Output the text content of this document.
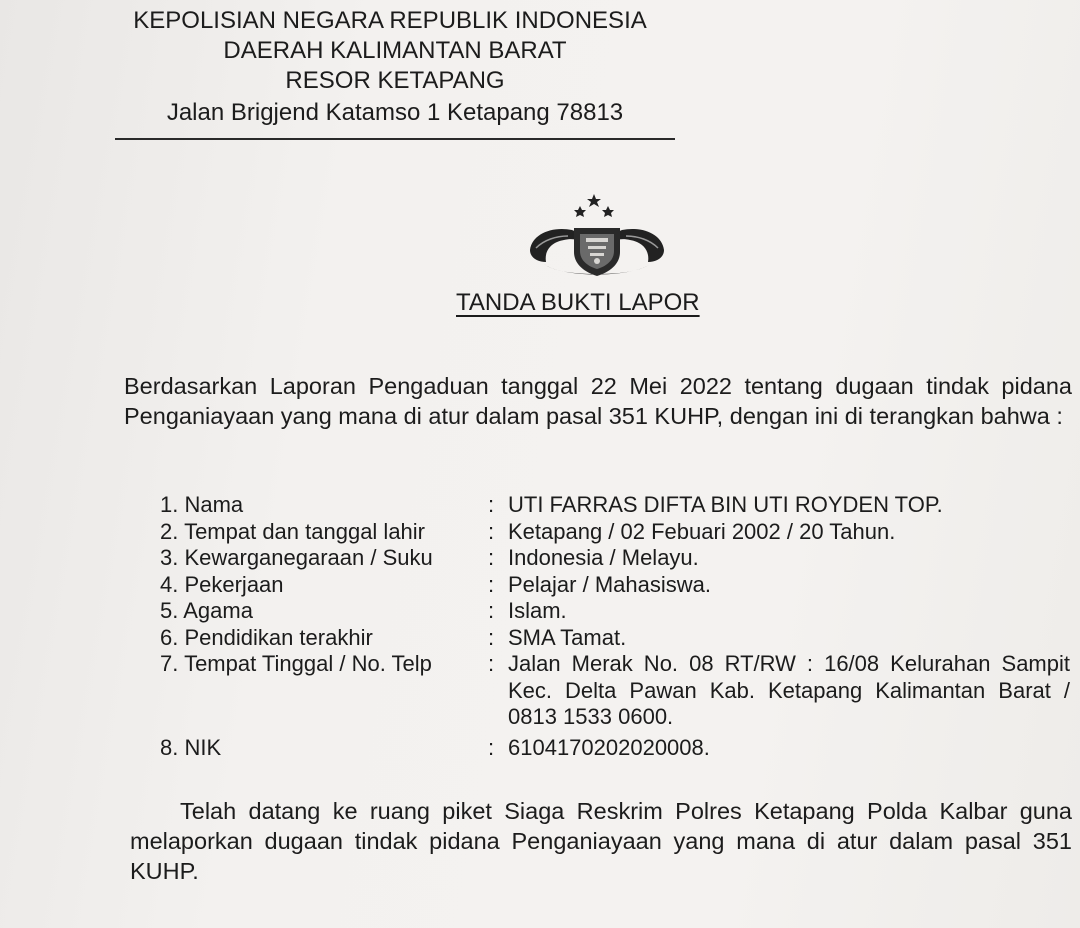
KEPOLISIAN NEGARA REPUBLIK INDONESIA
DAERAH KALIMANTAN BARAT
RESOR KETAPANG
Jalan Brigjend Katamso 1 Ketapang 78813
TANDA BUKTI LAPOR
Berdasarkan Laporan Pengaduan tanggal 22 Mei 2022 tentang dugaan tindak pidana Penganiayaan yang mana di atur dalam pasal 351 KUHP, dengan ini di terangkan bahwa :
1. Nama	: UTI FARRAS DIFTA BIN UTI ROYDEN TOP.
2. Tempat dan tanggal lahir	: Ketapang / 02 Febuari 2002 / 20 Tahun.
3. Kewarganegaraan / Suku	: Indonesia / Melayu.
4. Pekerjaan	: Pelajar / Mahasiswa.
5. Agama	: Islam.
6. Pendidikan terakhir	: SMA Tamat.
7. Tempat Tinggal / No. Telp	: Jalan Merak No. 08 RT/RW : 16/08 Kelurahan Sampit Kec. Delta Pawan Kab. Ketapang Kalimantan Barat / 0813 1533 0600.
8. NIK	: 6104170202020008.
Telah datang ke ruang piket Siaga Reskrim Polres Ketapang Polda Kalbar guna melaporkan dugaan tindak pidana Penganiayaan yang mana di atur dalam pasal 351 KUHP.
